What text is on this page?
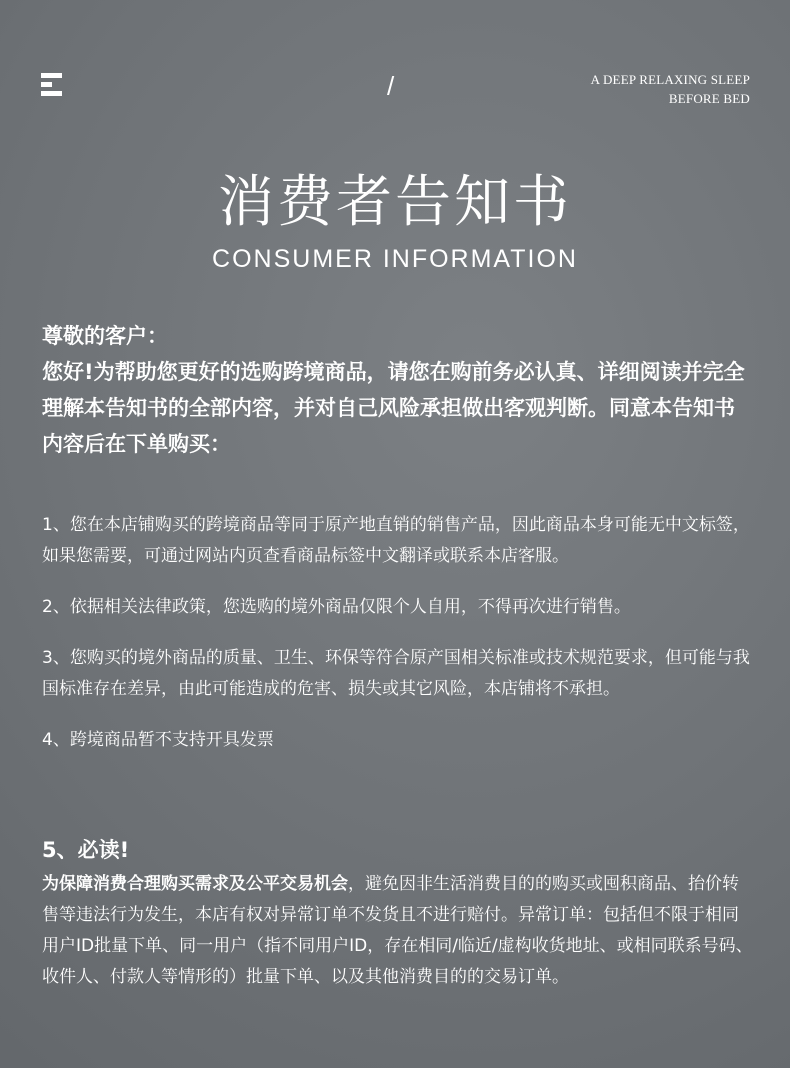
/	A DEEP RELAXING SLEEP
BEFORE BED
消费者告知书
CONSUMER INFORMATION

尊敬的客户：

您好!为帮助您更好的选购跨境商品，请您在购前务必认真、详细阅读并完全理解本告知书的全部内容，并对自己风险承担做出客观判断。同意本告知书内容后在下单购买：

1、您在本店铺购买的跨境商品等同于原产地直销的销售产品，因此商品本身可能无中文标签，如果您需要，可通过网站内页查看商品标签中文翻译或联系本店客服。

2、依据相关法律政策，您选购的境外商品仅限个人自用，不得再次进行销售。

3、您购买的境外商品的质量、卫生、环保等符合原产国相关标准或技术规范要求，但可能与我国标准存在差异，由此可能造成的危害、损失或其它风险，本店铺将不承担。

4、跨境商品暂不支持开具发票

5、必读!
为保障消费合理购买需求及公平交易机会，避免因非生活消费目的的购买或囤积商品、抬价转售等违法行为发生，本店有权对异常订单不发货且不进行赔付。异常订单：包括但不限于相同用户ID批量下单、同一用户（指不同用户ID，存在相同/临近/虚构收货地址、或相同联系号码、收件人、付款人等情形的）批量下单、以及其他消费目的的交易订单。
